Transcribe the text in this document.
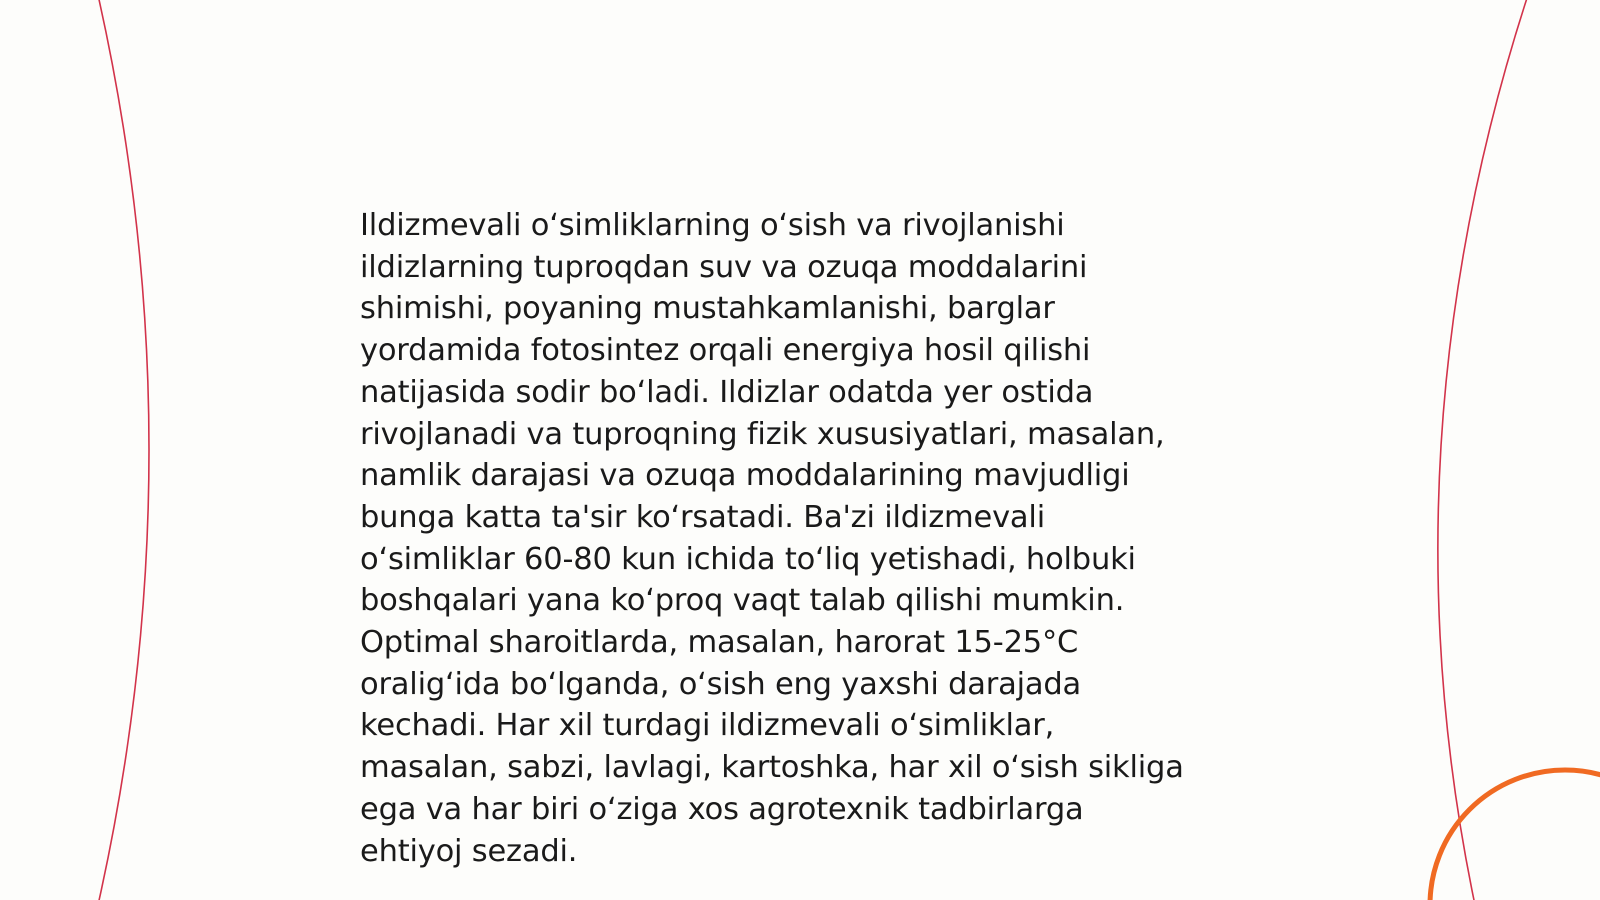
Ildizmevali o‘simliklarning o‘sish va rivojlanishi
ildizlarning tuproqdan suv va ozuqa moddalarini
shimishi, poyaning mustahkamlanishi, barglar
yordamida fotosintez orqali energiya hosil qilishi
natijasida sodir bo‘ladi. Ildizlar odatda yer ostida
rivojlanadi va tuproqning fizik xususiyatlari, masalan,
namlik darajasi va ozuqa moddalarining mavjudligi
bunga katta ta'sir ko‘rsatadi. Ba'zi ildizmevali
o‘simliklar 60-80 kun ichida to‘liq yetishadi, holbuki
boshqalari yana ko‘proq vaqt talab qilishi mumkin.
Optimal sharoitlarda, masalan, harorat 15-25°C
oralig‘ida bo‘lganda, o‘sish eng yaxshi darajada
kechadi. Har xil turdagi ildizmevali o‘simliklar,
masalan, sabzi, lavlagi, kartoshka, har xil o‘sish sikliga
ega va har biri o‘ziga xos agrotexnik tadbirlarga
ehtiyoj sezadi.
